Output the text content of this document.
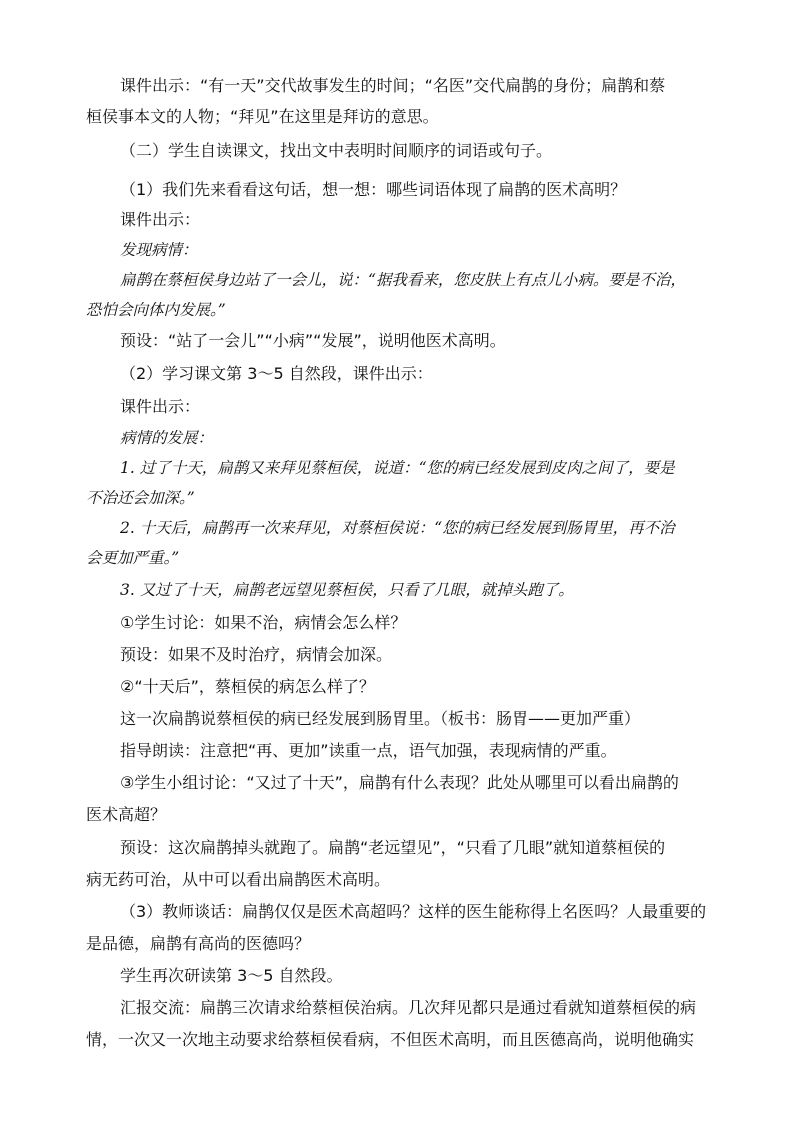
课件出示：“有一天”交代故事发生的时间；“名医”交代扁鹊的身份；扁鹊和蔡
桓侯事本文的人物；“拜见”在这里是拜访的意思。
（二）学生自读课文，找出文中表明时间顺序的词语或句子。
（1）我们先来看看这句话，想一想：哪些词语体现了扁鹊的医术高明？
课件出示：
发现病情：
扁鹊在蔡桓侯身边站了一会儿，说：“据我看来，您皮肤上有点儿小病。要是不治，
恐怕会向体内发展。”
预设：“站了一会儿”“小病”“发展”，说明他医术高明。
（2）学习课文第 3～5 自然段，课件出示：
课件出示：
病情的发展：
1. 过了十天，扁鹊又来拜见蔡桓侯，说道：“您的病已经发展到皮肉之间了，要是
不治还会加深。”
2. 十天后，扁鹊再一次来拜见，对蔡桓侯说：“您的病已经发展到肠胃里，再不治
会更加严重。”
3. 又过了十天，扁鹊老远望见蔡桓侯，只看了几眼，就掉头跑了。
①学生讨论：如果不治，病情会怎么样？
预设：如果不及时治疗，病情会加深。
②“十天后”，蔡桓侯的病怎么样了？
这一次扁鹊说蔡桓侯的病已经发展到肠胃里。（板书：肠胃——更加严重）
指导朗读：注意把“再、更加”读重一点，语气加强，表现病情的严重。
③学生小组讨论：“又过了十天”，扁鹊有什么表现？此处从哪里可以看出扁鹊的
医术高超？
预设：这次扁鹊掉头就跑了。扁鹊“老远望见”，“只看了几眼”就知道蔡桓侯的
病无药可治，从中可以看出扁鹊医术高明。
（3）教师谈话：扁鹊仅仅是医术高超吗？这样的医生能称得上名医吗？人最重要的
是品德，扁鹊有高尚的医德吗？
学生再次研读第 3～5 自然段。
汇报交流：扁鹊三次请求给蔡桓侯治病。几次拜见都只是通过看就知道蔡桓侯的病
情，一次又一次地主动要求给蔡桓侯看病，不但医术高明，而且医德高尚，说明他确实
